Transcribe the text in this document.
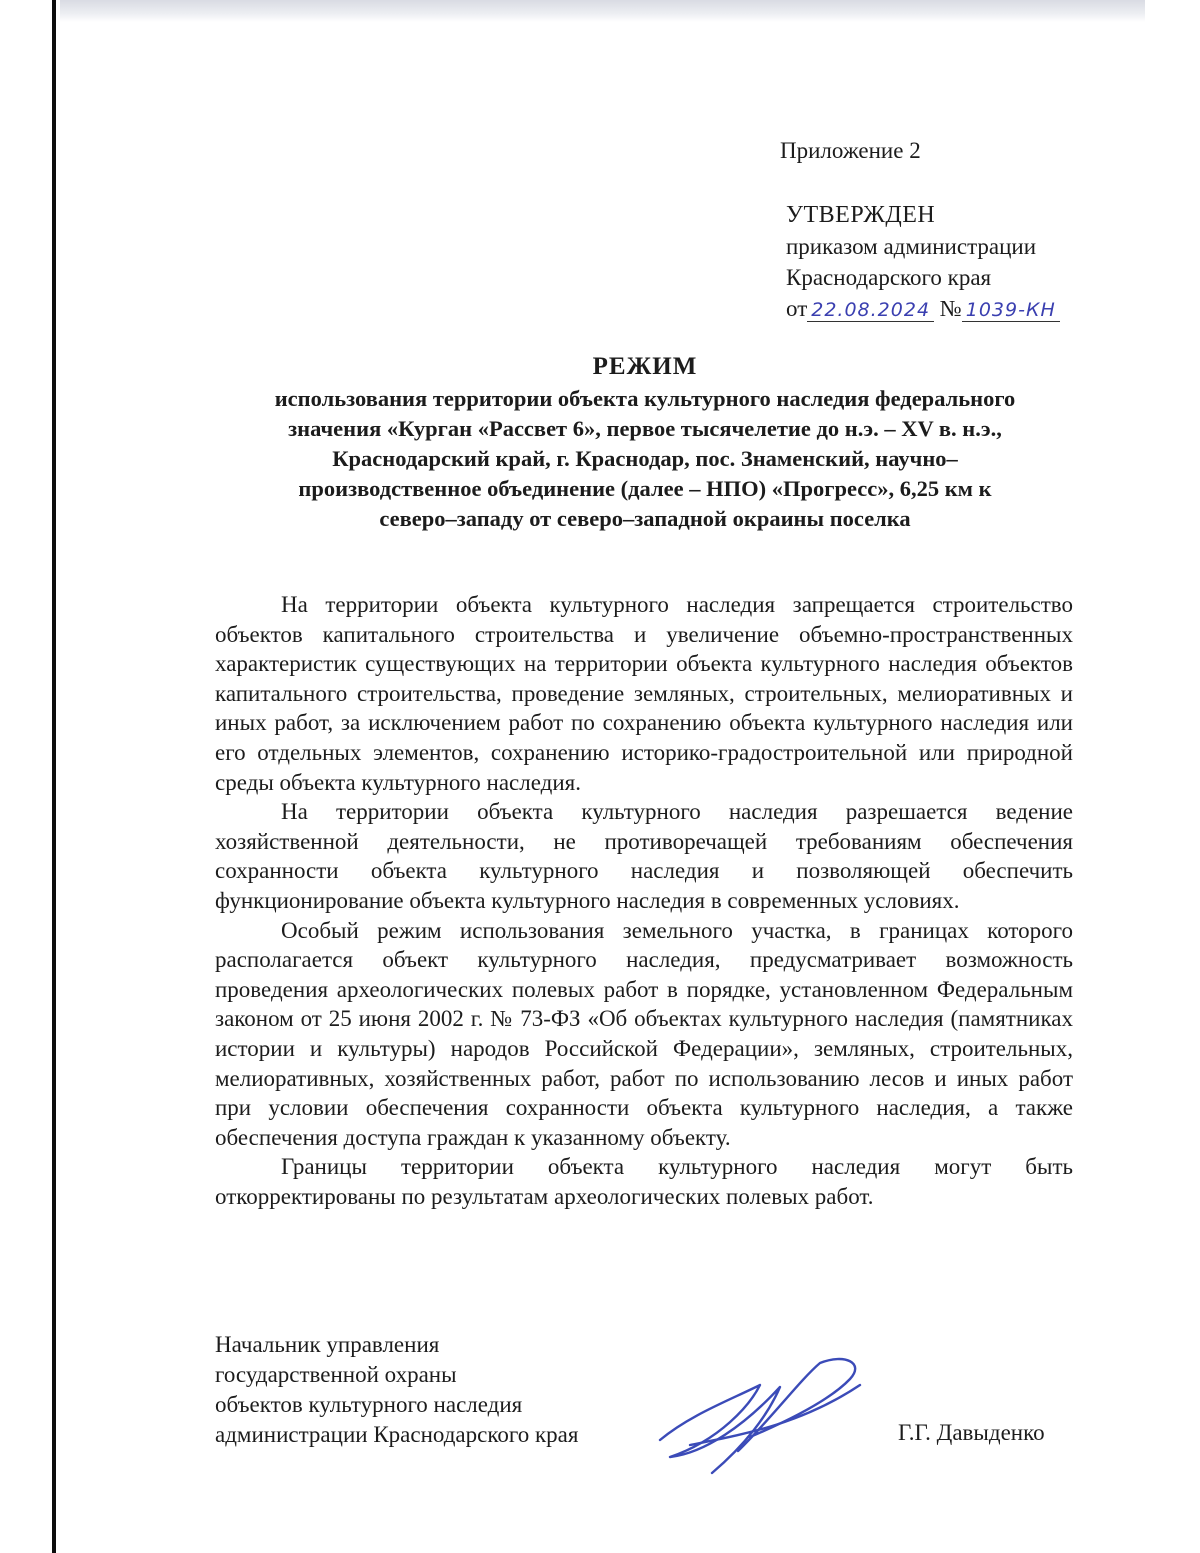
Приложение 2
УТВЕРЖДЕН
приказом администрации
Краснодарского края
от 22.08.2024 № 1039-КН
РЕЖИМ
использования территории объекта культурного наследия федерального
значения «Курган «Рассвет 6», первое тысячелетие до н.э. – XV в. н.э.,
Краснодарский край, г. Краснодар, пос. Знаменский, научно–
производственное объединение (далее – НПО) «Прогресс», 6,25 км к
северо–западу от северо–западной окраины поселка

На территории объекта культурного наследия запрещается строительство объектов капитального строительства и увеличение объемно-пространственных характеристик существующих на территории объекта культурного наследия объектов капитального строительства, проведение земляных, строительных, мелиоративных и иных работ, за исключением работ по сохранению объекта культурного наследия или его отдельных элементов, сохранению историко-градостроительной или природной среды объекта культурного наследия.

На территории объекта культурного наследия разрешается ведение хозяйственной деятельности, не противоречащей требованиям обеспечения сохранности объекта культурного наследия и позволяющей обеспечить функционирование объекта культурного наследия в современных условиях.

Особый режим использования земельного участка, в границах которого располагается объект культурного наследия, предусматривает возможность проведения археологических полевых работ в порядке, установленном Федеральным законом от 25 июня 2002 г. № 73-ФЗ «Об объектах культурного наследия (памятниках истории и культуры) народов Российской Федерации», земляных, строительных, мелиоративных, хозяйственных работ, работ по использованию лесов и иных работ при условии обеспечения сохранности объекта культурного наследия, а также обеспечения доступа граждан к указанному объекту.

Границы территории объекта культурного наследия могут быть откорректированы по результатам археологических полевых работ.

Начальник управления
государственной охраны
объектов культурного наследия
администрации Краснодарского края	Г.Г. Давыденко
